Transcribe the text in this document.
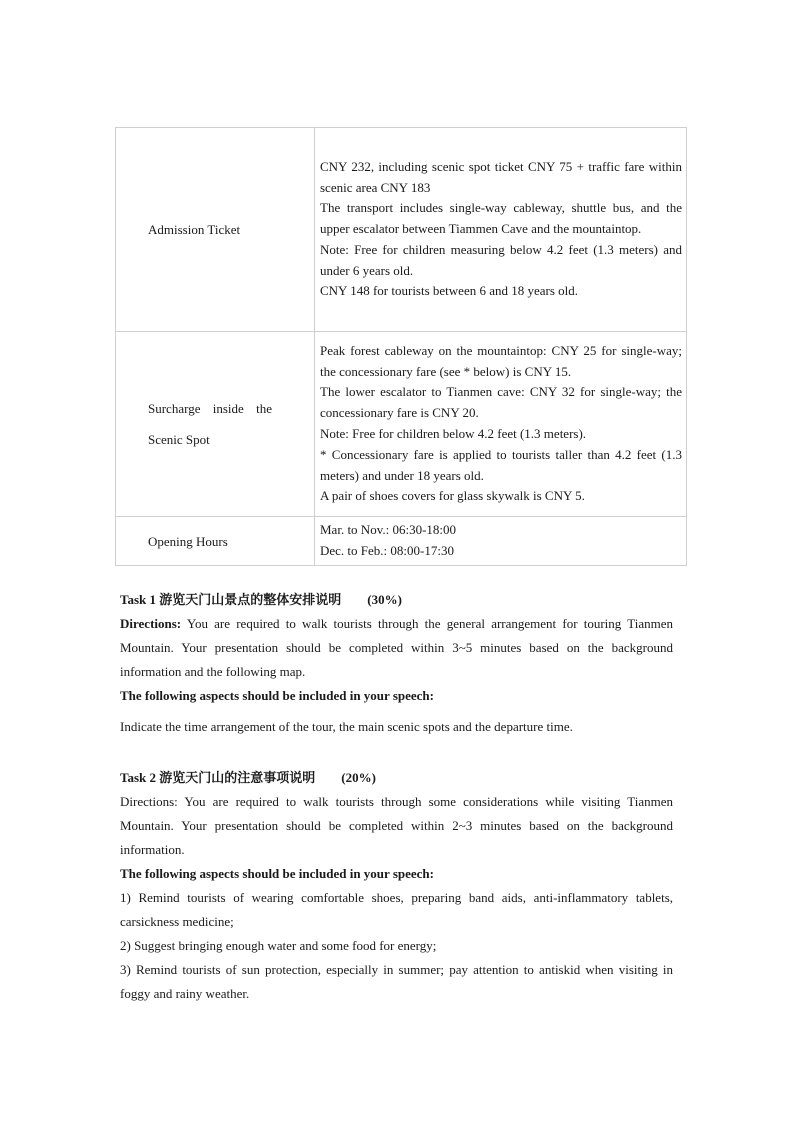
Admission Ticket	CNY 232, including scenic spot ticket CNY 75 + traffic fare within scenic area CNY 183
The transport includes single-way cableway, shuttle bus, and the upper escalator between Tiammen Cave and the mountaintop.
Note: Free for children measuring below 4.2 feet (1.3 meters) and under 6 years old.
CNY 148 for tourists between 6 and 18 years old.

Surcharge inside the
Scenic Spot	Peak forest cableway on the mountaintop: CNY 25 for single-way; the concessionary fare (see * below) is CNY 15.
The lower escalator to Tianmen cave: CNY 32 for single-way; the concessionary fare is CNY 20.
Note: Free for children below 4.2 feet (1.3 meters).
* Concessionary fare is applied to tourists taller than 4.2 feet (1.3 meters) and under 18 years old.
A pair of shoes covers for glass skywalk is CNY 5.

Opening Hours	Mar. to Nov.: 06:30-18:00
Dec. to Feb.: 08:00-17:30
Task 1 游览天门山景点的整体安排说明 (30%)
Directions: You are required to walk tourists through the general arrangement for touring Tianmen Mountain. Your presentation should be completed within 3~5 minutes based on the background information and the following map.
The following aspects should be included in your speech:
Indicate the time arrangement of the tour, the main scenic spots and the departure time.
Task 2 游览天门山的注意事项说明 (20%)
Directions: You are required to walk tourists through some considerations while visiting Tianmen Mountain. Your presentation should be completed within 2~3 minutes based on the background information.
The following aspects should be included in your speech:
1) Remind tourists of wearing comfortable shoes, preparing band aids, anti-inflammatory tablets, carsickness medicine;
2) Suggest bringing enough water and some food for energy;
3) Remind tourists of sun protection, especially in summer; pay attention to antiskid when visiting in foggy and rainy weather.
